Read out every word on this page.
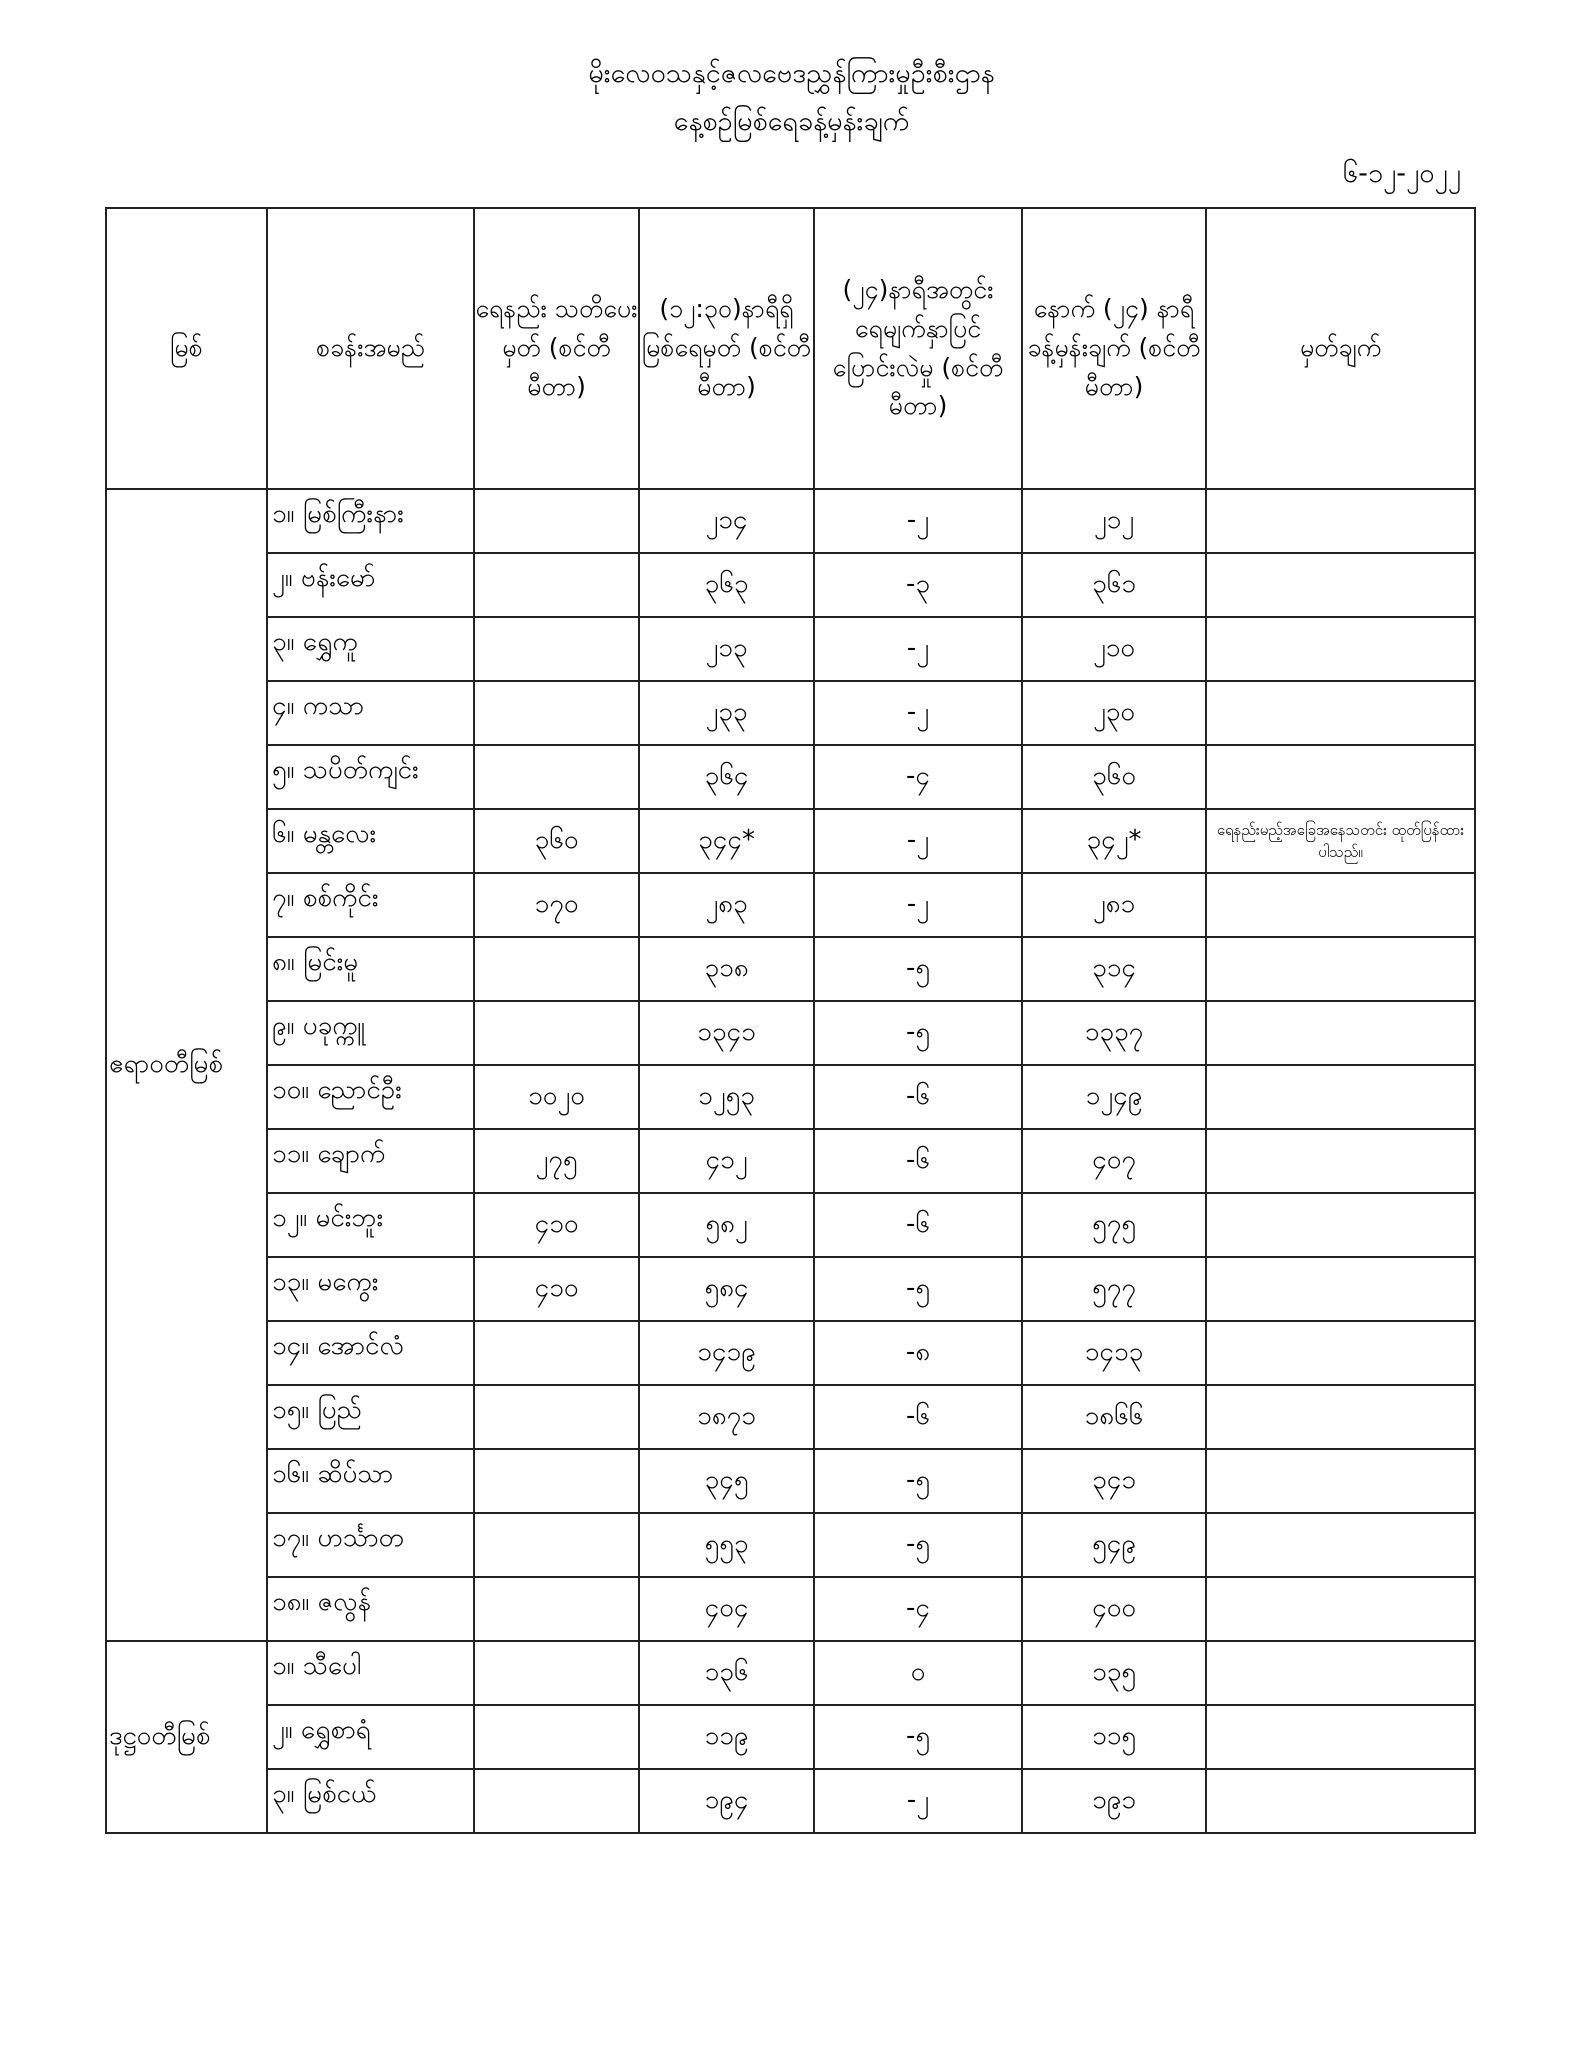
မိုးလေဝသနှင့်ဇလဗေဒညွှန်ကြားမှုဦးစီးဌာန
နေ့စဉ်မြစ်ရေခန့်မှန်းချက်
၆-၁၂-၂၀၂၂
မြစ်	စခန်းအမည်	ရေနည်း သတိပေးမှတ် (စင်တီမီတာ)	(၁၂:၃၀)နာရီရှိ မြစ်ရေမှတ် (စင်တီမီတာ)	(၂၄)နာရီအတွင်း ရေမျက်နှာပြင် ပြောင်းလဲမှု (စင်တီမီတာ)	နောက် (၂၄) နာရီ ခန့်မှန်းချက် (စင်တီမီတာ)	မှတ်ချက်
ဧရာဝတီမြစ်	၁။ မြစ်ကြီးနား		၂၁၄	-၂	၂၁၂	
	၂။ ဗန်းမော်		၃၆၃	-၃	၃၆၁	
	၃။ ရွှေကူ		၂၁၃	-၂	၂၁၀	
	၄။ ကသာ		၂၃၃	-၂	၂၃၀	
	၅။ သပိတ်ကျင်း		၃၆၄	-၄	၃၆၀	
	၆။ မန္တလေး	၃၆၀	၃၄၄*	-၂	၃၄၂*	ရေနည်းမည့်အခြေအနေသတင်း ထုတ်ပြန်ထားပါသည်။
	၇။ စစ်ကိုင်း	၁၇၀	၂၈၃	-၂	၂၈၁	
	၈။ မြင်းမူ		၃၁၈	-၅	၃၁၄	
	၉။ ပခုက္ကူ		၁၃၄၁	-၅	၁၃၃၇	
	၁၀။ ညောင်ဦး	၁၀၂၀	၁၂၅၃	-၆	၁၂၄၉	
	၁၁။ ချောက်	၂၇၅	၄၁၂	-၆	၄၀၇	
	၁၂။ မင်းဘူး	၄၁၀	၅၈၂	-၆	၅၇၅	
	၁၃။ မကွေး	၄၁၀	၅၈၄	-၅	၅၇၇	
	၁၄။ အောင်လံ		၁၄၁၉	-၈	၁၄၁၃	
	၁၅။ ပြည်		၁၈၇၁	-၆	၁၈၆၆	
	၁၆။ ဆိပ်သာ		၃၄၅	-၅	၃၄၁	
	၁၇။ ဟင်္သာတ		၅၅၃	-၅	၅၄၉	
	၁၈။ ဇလွန်		၄၀၄	-၄	၄၀၀	
ဒုဋ္ဌဝတီမြစ်	၁။ သီပေါ		၁၃၆	၀	၁၃၅	
	၂။ ရွှေစာရံ		၁၁၉	-၅	၁၁၅	
	၃။ မြစ်ငယ်		၁၉၄	-၂	၁၉၁	
